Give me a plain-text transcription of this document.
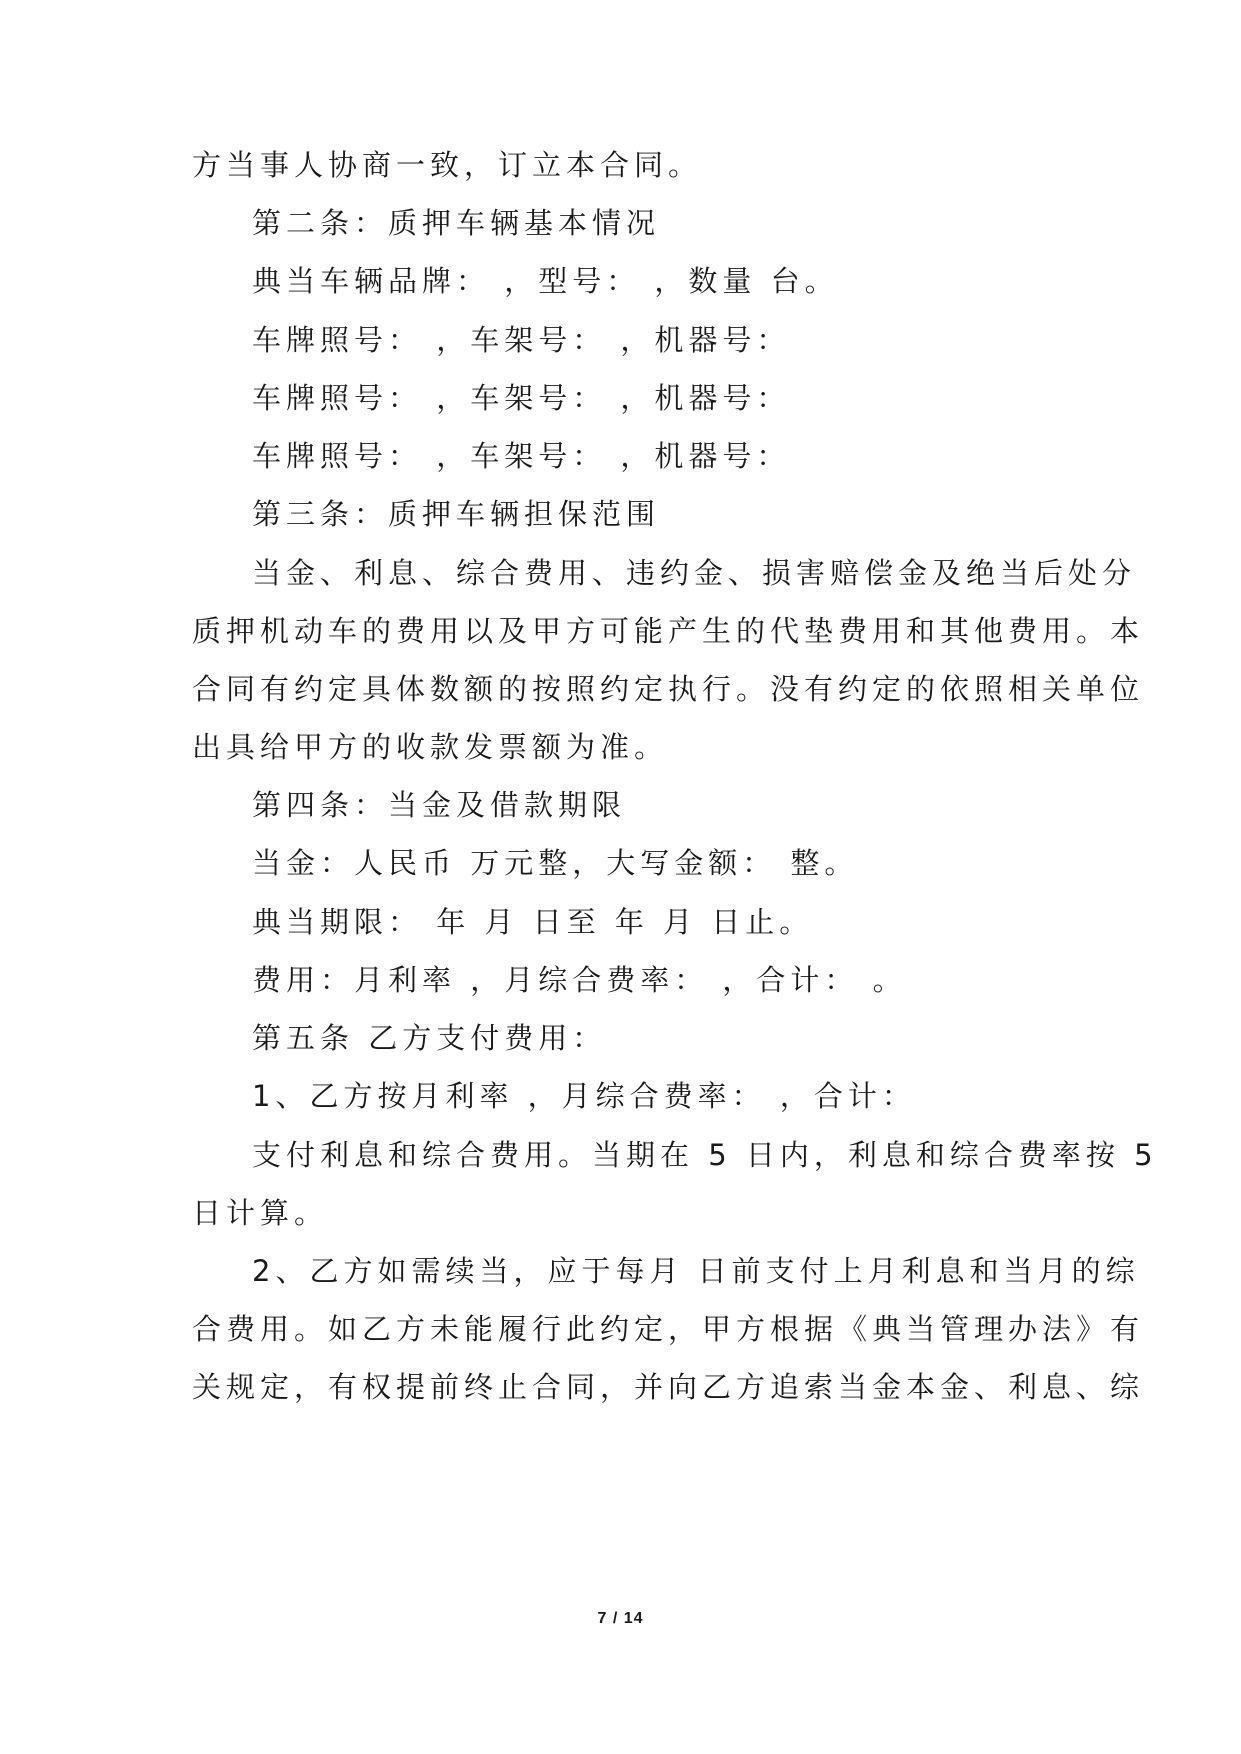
方当事人协商一致，订立本合同。
第二条：质押车辆基本情况
典当车辆品牌： ，型号： ，数量 台。
车牌照号： ，车架号： ，机器号：
车牌照号： ，车架号： ，机器号：
车牌照号： ，车架号： ，机器号：
第三条：质押车辆担保范围
当金、利息、综合费用、违约金、损害赔偿金及绝当后处分
质押机动车的费用以及甲方可能产生的代垫费用和其他费用。本
合同有约定具体数额的按照约定执行。没有约定的依照相关单位
出具给甲方的收款发票额为准。
第四条：当金及借款期限
当金：人民币 万元整，大写金额： 整。
典当期限： 年 月 日至 年 月 日止。
费用：月利率 ，月综合费率： ，合计： 。
第五条 乙方支付费用：
1、乙方按月利率 ，月综合费率： ，合计：
支付利息和综合费用。当期在 5 日内，利息和综合费率按 5
日计算。
2、乙方如需续当，应于每月 日前支付上月利息和当月的综
合费用。如乙方未能履行此约定，甲方根据《典当管理办法》有
关规定，有权提前终止合同，并向乙方追索当金本金、利息、综
7 / 14
